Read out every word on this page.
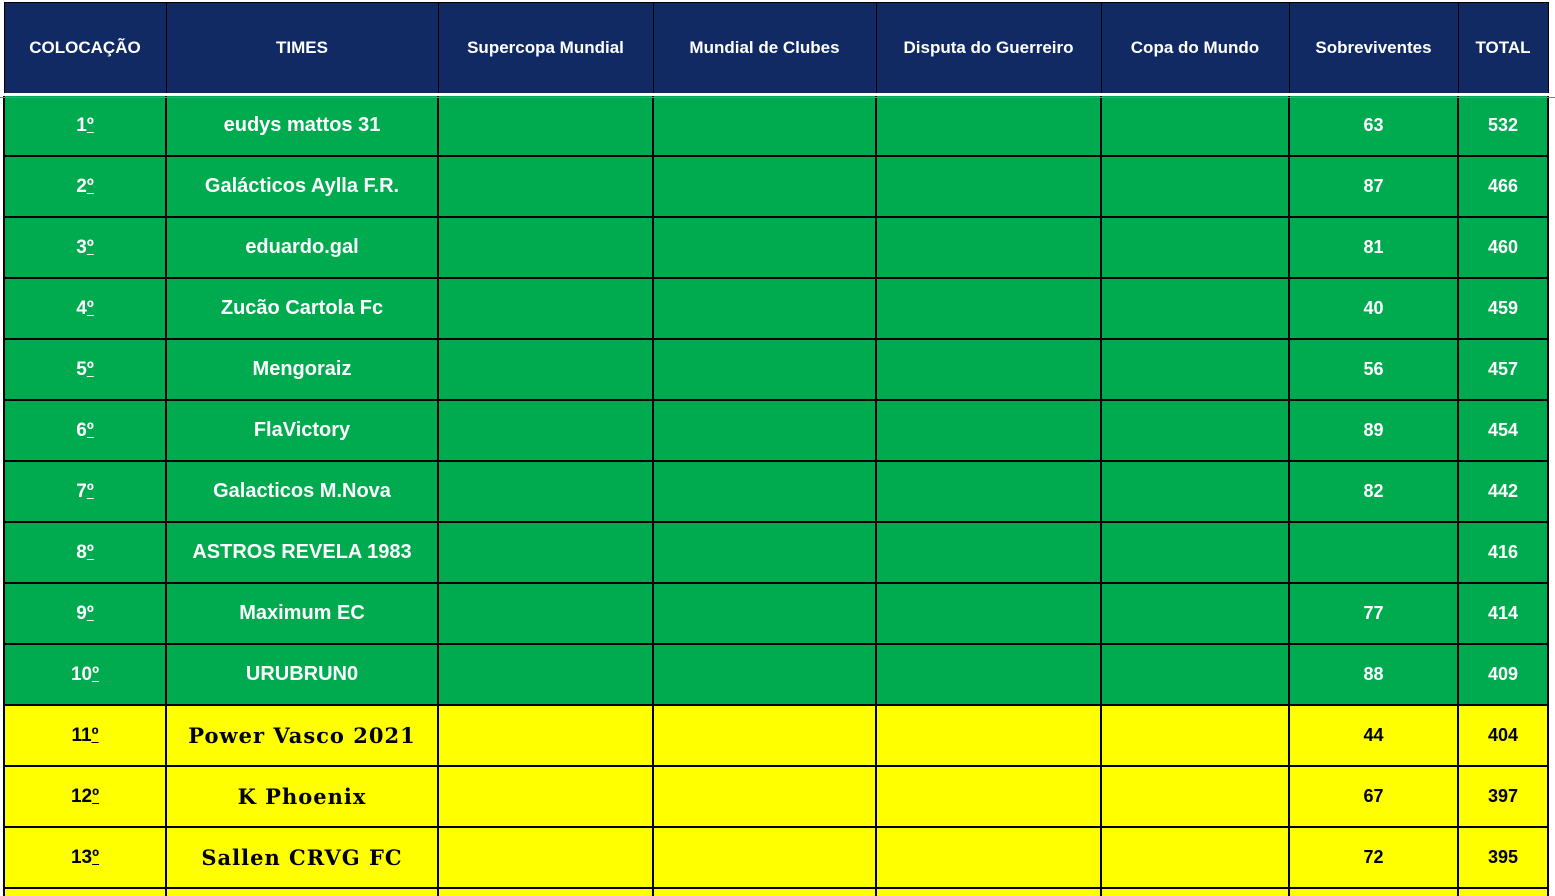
COLOCAÇÃO	TIMES	Supercopa Mundial	Mundial de Clubes	Disputa do Guerreiro	Copa do Mundo	Sobreviventes	TOTAL
1º	eudys mattos 31					63	532
2º	Galácticos Aylla F.R.					87	466
3º	eduardo.gal					81	460
4º	Zucão Cartola Fc					40	459
5º	Mengoraiz					56	457
6º	FlaVictory					89	454
7º	Galacticos M.Nova					82	442
8º	ASTROS REVELA 1983						416
9º	Maximum EC					77	414
10º	URUBRUN0					88	409
11º	Power Vasco 2021					44	404
12º	K Phoenix					67	397
13º	Sallen CRVG FC					72	395
